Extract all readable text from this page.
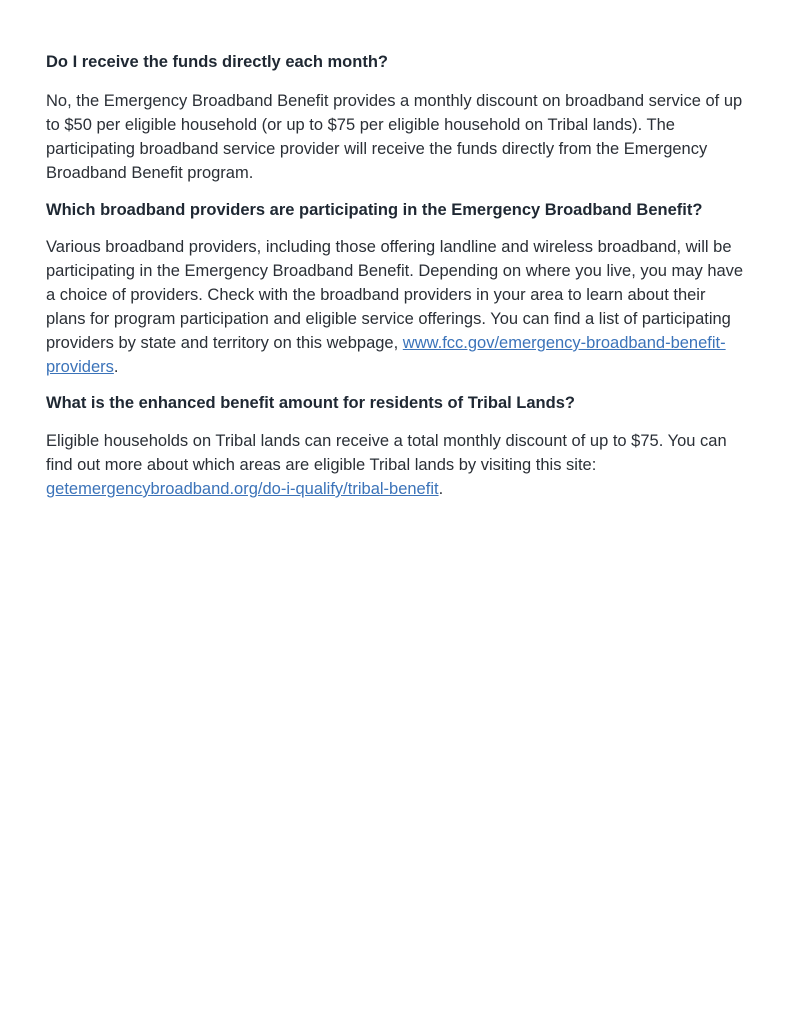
Do I receive the funds directly each month?
No, the Emergency Broadband Benefit provides a monthly discount on broadband service of up to $50 per eligible household (or up to $75 per eligible household on Tribal lands). The participating broadband service provider will receive the funds directly from the Emergency Broadband Benefit program.
Which broadband providers are participating in the Emergency Broadband Benefit?
Various broadband providers, including those offering landline and wireless broadband, will be participating in the Emergency Broadband Benefit. Depending on where you live, you may have a choice of providers. Check with the broadband providers in your area to learn about their plans for program participation and eligible service offerings. You can find a list of participating providers by state and territory on this webpage, www.fcc.gov/emergency-broadband-benefit-providers.
What is the enhanced benefit amount for residents of Tribal Lands?
Eligible households on Tribal lands can receive a total monthly discount of up to $75. You can find out more about which areas are eligible Tribal lands by visiting this site: getemergencybroadband.org/do-i-qualify/tribal-benefit.
